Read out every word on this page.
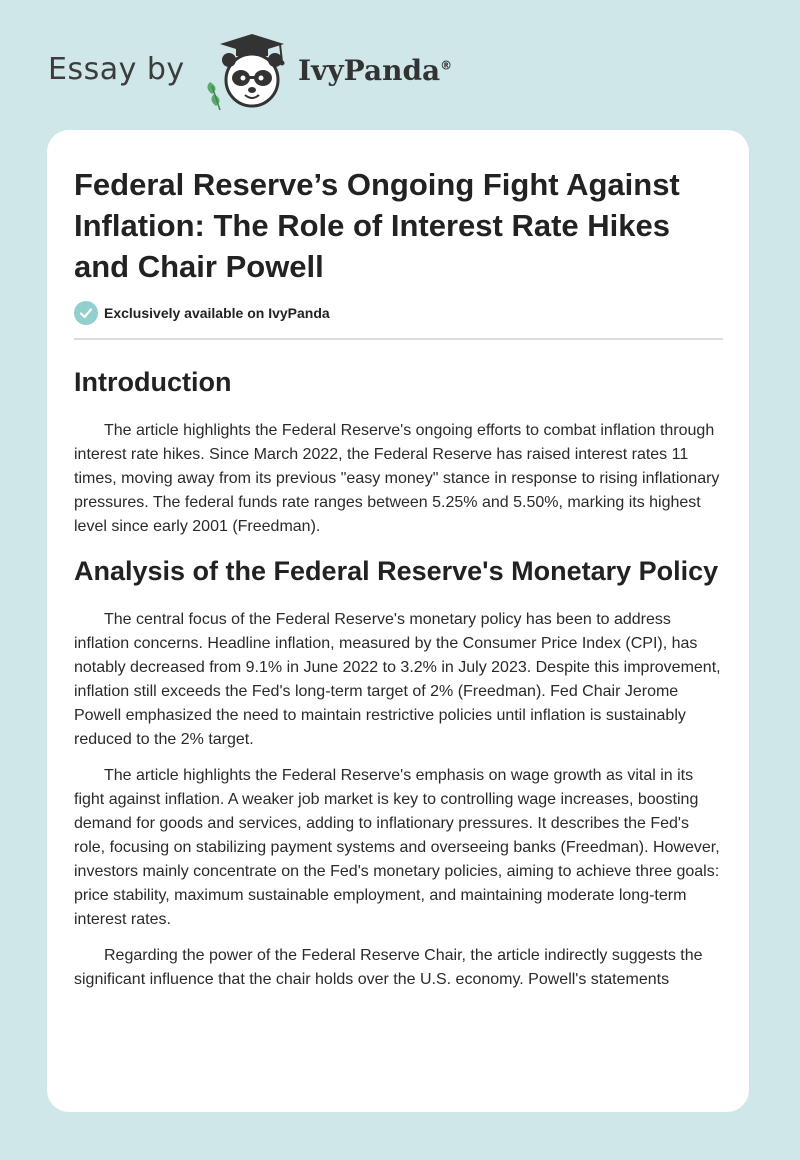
Essay by	IvyPanda®
Federal Reserve’s Ongoing Fight Against Inflation: The Role of Interest Rate Hikes and Chair Powell
Exclusively available on IvyPanda
Introduction

The article highlights the Federal Reserve's ongoing efforts to combat inflation through interest rate hikes. Since March 2022, the Federal Reserve has raised interest rates 11 times, moving away from its previous "easy money" stance in response to rising inflationary pressures. The federal funds rate ranges between 5.25% and 5.50%, marking its highest level since early 2001 (Freedman).

Analysis of the Federal Reserve's Monetary Policy

The central focus of the Federal Reserve's monetary policy has been to address inflation concerns. Headline inflation, measured by the Consumer Price Index (CPI), has notably decreased from 9.1% in June 2022 to 3.2% in July 2023. Despite this improvement, inflation still exceeds the Fed's long-term target of 2% (Freedman). Fed Chair Jerome Powell emphasized the need to maintain restrictive policies until inflation is sustainably reduced to the 2% target.

The article highlights the Federal Reserve's emphasis on wage growth as vital in its fight against inflation. A weaker job market is key to controlling wage increases, boosting demand for goods and services, adding to inflationary pressures. It describes the Fed's role, focusing on stabilizing payment systems and overseeing banks (Freedman). However, investors mainly concentrate on the Fed's monetary policies, aiming to achieve three goals: price stability, maximum sustainable employment, and maintaining moderate long-term interest rates.

Regarding the power of the Federal Reserve Chair, the article indirectly suggests the significant influence that the chair holds over the U.S. economy. Powell's statements
